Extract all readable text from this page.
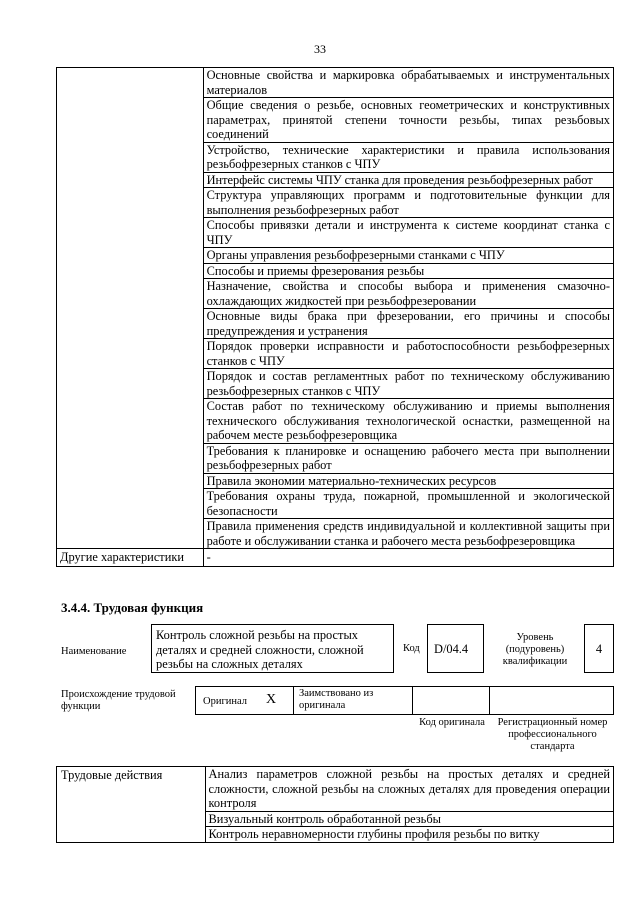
33

	Основные свойства и маркировка обрабатываемых и инструментальных материалов

	Общие сведения о резьбе, основных геометрических и конструктивных параметрах, принятой степени точности резьбы, типах резьбовых соединений

	Устройство, технические характеристики и правила использования резьбофрезерных станков с ЧПУ

	Интерфейс системы ЧПУ станка для проведения резьбофрезерных работ

	Структура управляющих программ и подготовительные функции для выполнения резьбофрезерных работ

	Способы привязки детали и инструмента к системе координат станка с ЧПУ

	Органы управления резьбофрезерными станками с ЧПУ

	Способы и приемы фрезерования резьбы

	Назначение, свойства и способы выбора и применения смазочно-охлаждающих жидкостей при резьбофрезеровании

	Основные виды брака при фрезеровании, его причины и способы предупреждения и устранения

	Порядок проверки исправности и работоспособности резьбофрезерных станков с ЧПУ

	Порядок и состав регламентных работ по техническому обслуживанию резьбофрезерных станков с ЧПУ

	Состав работ по техническому обслуживанию и приемы выполнения технического обслуживания технологической оснастки, размещенной на рабочем месте резьбофрезеровщика

	Требования к планировке и оснащению рабочего места при выполнении резьбофрезерных работ

	Правила экономии материально-технических ресурсов

	Требования охраны труда, пожарной, промышленной и экологической безопасности

	Правила применения средств индивидуальной и коллективной защиты при работе и обслуживании станка и рабочего места резьбофрезеровщика

Другие характеристики	-
3.4.4. Трудовая функция
Наименование
Контроль сложной резьбы на простых деталях и средней сложности, сложной резьбы на сложных деталях
Код	D/04.4
Уровень (подуровень) квалификации
4
Происхождение трудовой функции	Оригинал X Заимствовано из оригинала
Код оригинала	Регистрационный номер профессионального стандарта
Трудовые действия	Анализ параметров сложной резьбы на простых деталях и средней сложности, сложной резьбы на сложных деталях для проведения операции контроля

Визуальный контроль обработанной резьбы

Контроль неравномерности глубины профиля резьбы по витку
